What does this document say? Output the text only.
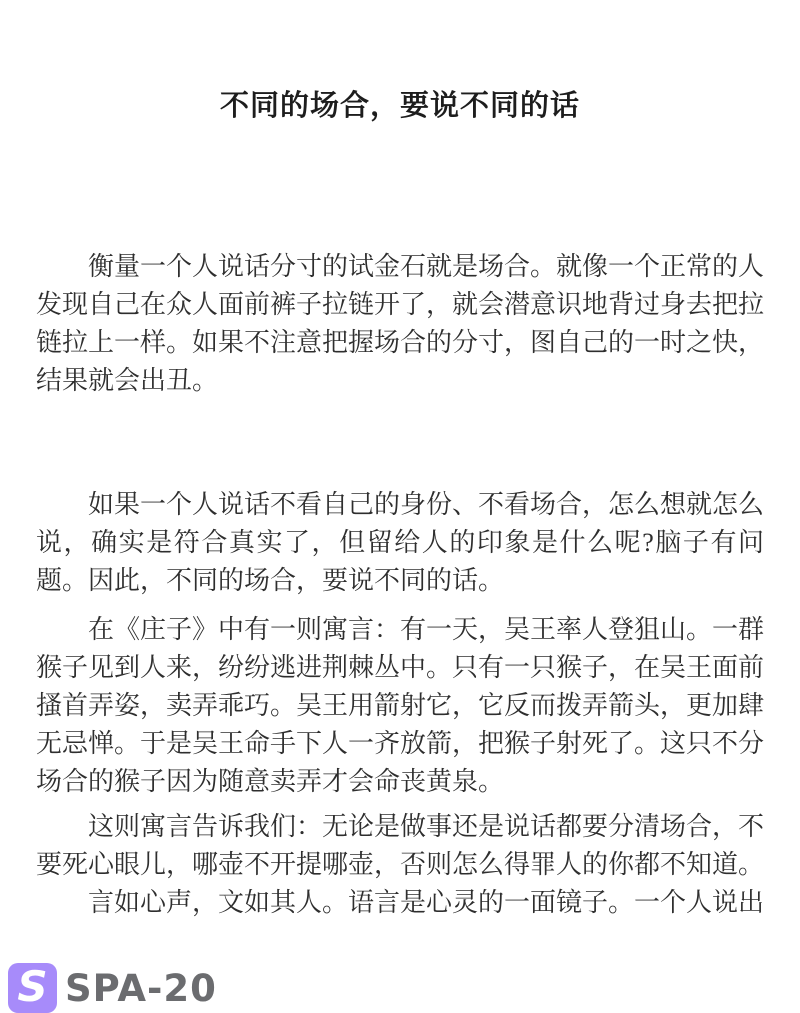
不同的场合，要说不同的话

衡量一个人说话分寸的试金石就是场合。就像一个正常的人发现自己在众人面前裤子拉链开了，就会潜意识地背过身去把拉链拉上一样。如果不注意把握场合的分寸，图自己的一时之快，结果就会出丑。

如果一个人说话不看自己的身份、不看场合，怎么想就怎么说，确实是符合真实了，但留给人的印象是什么呢?脑子有问题。因此，不同的场合，要说不同的话。

在《庄子》中有一则寓言：有一天，吴王率人登狙山。一群猴子见到人来，纷纷逃进荆棘丛中。只有一只猴子，在吴王面前搔首弄姿，卖弄乖巧。吴王用箭射它，它反而拨弄箭头，更加肆无忌惮。于是吴王命手下人一齐放箭，把猴子射死了。这只不分场合的猴子因为随意卖弄才会命丧黄泉。

这则寓言告诉我们：无论是做事还是说话都要分清场合，不要死心眼儿，哪壶不开提哪壶，否则怎么得罪人的你都不知道。

言如心声，文如其人。语言是心灵的一面镜子。一个人说出

S SPA-20
